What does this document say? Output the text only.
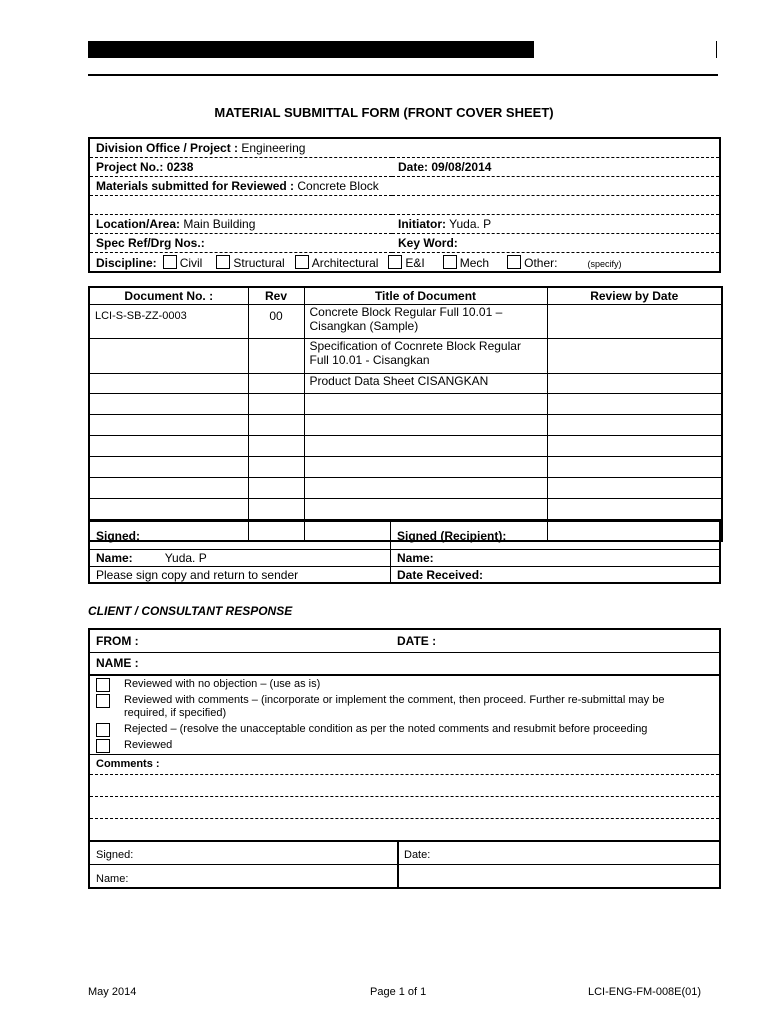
MATERIAL SUBMITTAL FORM (FRONT COVER SHEET)
Division Office / Project : Engineering	
Project No.: 0238	Date: 09/08/2014
Materials submitted for Reviewed : Concrete Block	

Location/Area: Main Building	Initiator: Yuda. P
Spec Ref/Drg Nos.:	Key Word:
Discipline: Civil Structural Architectural E&I Mech Other: (specify)	
Document No. :	Rev	Title of Document	Review by Date
LCI-S-SB-ZZ-0003	00	Concrete Block Regular Full 10.01 – Cisangkan (Sample)	
		Specification of Cocnrete Block Regular Full 10.01 - Cisangkan	
		Product Data Sheet CISANGKAN	

Signed:	Signed (Recipient):
Name: Yuda. P	Name:
Please sign copy and return to sender	Date Received:
CLIENT / CONSULTANT RESPONSE
FROM :	DATE :
NAME :
Reviewed with no objection – (use as is)
Reviewed with comments – (incorporate or implement the comment, then proceed. Further re-submittal may be required, if specified)
Rejected – (resolve the unacceptable condition as per the noted comments and resubmit before proceeding
Reviewed
Comments :
Signed:	Date:
Name:
May 2014	Page 1 of 1	LCI-ENG-FM-008E(01)
